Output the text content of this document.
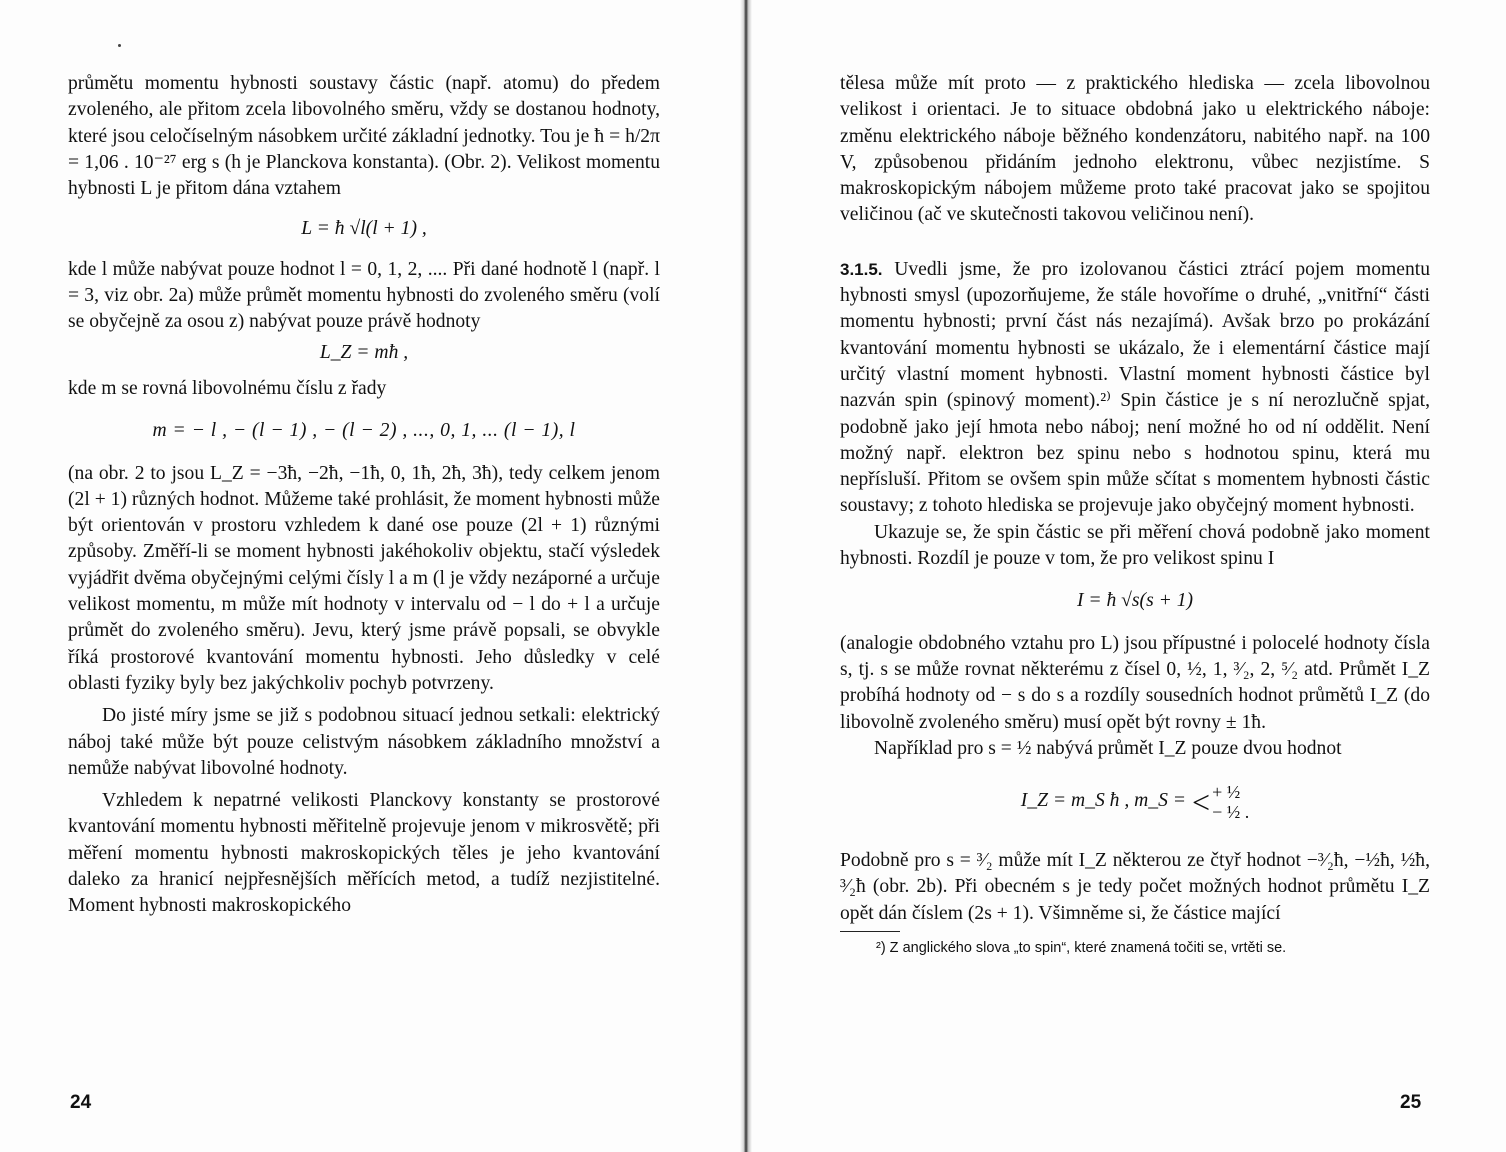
průmětu momentu hybnosti soustavy částic (např. atomu) do předem zvoleného, ale přitom zcela libovolného směru, vždy se dostanou hodnoty, které jsou celočíselným násobkem určité základní jednotky. Tou je ħ = h/2π = 1,06 . 10⁻²⁷ erg s (h je Planckova konstanta). (Obr. 2). Velikost momentu hybnosti L je přitom dána vztahem

L = ħ √l(l + 1) ,

kde l může nabývat pouze hodnot l = 0, 1, 2, .... Při dané hodnotě l (např. l = 3, viz obr. 2a) může průmět momentu hybnosti do zvoleného směru (volí se obyčejně za osou z) nabývat pouze právě hodnoty

L_Z = mħ ,

kde m se rovná libovolnému číslu z řady

m = − l , − (l − 1) , − (l − 2) , ..., 0, 1, ... (l − 1), l

(na obr. 2 to jsou L_Z = −3ħ, −2ħ, −1ħ, 0, 1ħ, 2ħ, 3ħ), tedy celkem jenom (2l + 1) různých hodnot. Můžeme také prohlásit, že moment hybnosti může být orientován v prostoru vzhledem k dané ose pouze (2l + 1) různými způsoby. Změří-li se moment hybnosti jakéhokoliv objektu, stačí výsledek vyjádřit dvěma obyčejnými celými čísly l a m (l je vždy nezáporné a určuje velikost momentu, m může mít hodnoty v intervalu od − l do + l a určuje průmět do zvoleného směru). Jevu, který jsme právě popsali, se obvykle říká prostorové kvantování momentu hybnosti. Jeho důsledky v celé oblasti fyziky byly bez jakýchkoliv pochyb potvrzeny.

Do jisté míry jsme se již s podobnou situací jednou setkali: elektrický náboj také může být pouze celistvým násobkem základního množství a nemůže nabývat libovolné hodnoty.

Vzhledem k nepatrné velikosti Planckovy konstanty se prostorové kvantování momentu hybnosti měřitelně projevuje jenom v mikrosvětě; při měření momentu hybnosti makroskopických těles je jeho kvantování daleko za hranicí nejpřesnějších měřících metod, a tudíž nezjistitelné. Moment hybnosti makroskopického

24

tělesa může mít proto — z praktického hlediska — zcela libovolnou velikost i orientaci. Je to situace obdobná jako u elektrického náboje: změnu elektrického náboje běžného kondenzátoru, nabitého např. na 100 V, způsobenou přidáním jednoho elektronu, vůbec nezjistíme. S makroskopickým nábojem můžeme proto také pracovat jako se spojitou veličinou (ač ve skutečnosti takovou veličinou není).

3.1.5. Uvedli jsme, že pro izolovanou částici ztrácí pojem momentu hybnosti smysl (upozorňujeme, že stále hovoříme o druhé, „vnitřní“ části momentu hybnosti; první část nás nezajímá). Avšak brzo po prokázání kvantování momentu hybnosti se ukázalo, že i elementární částice mají určitý vlastní moment hybnosti. Vlastní moment hybnosti částice byl nazván spin (spinový moment).²⁾ Spin částice je s ní nerozlučně spjat, podobně jako její hmota nebo náboj; není možné ho od ní oddělit. Není možný např. elektron bez spinu nebo s hodnotou spinu, která mu nepřísluší. Přitom se ovšem spin může sčítat s momentem hybnosti částic soustavy; z tohoto hlediska se projevuje jako obyčejný moment hybnosti.

Ukazuje se, že spin částic se při měření chová podobně jako moment hybnosti. Rozdíl je pouze v tom, že pro velikost spinu I

I = ħ √s(s + 1)

(analogie obdobného vztahu pro L) jsou přípustné i polocelé hodnoty čísla s, tj. s se může rovnat některému z čísel 0, ½, 1, ³⁄₂, 2, ⁵⁄₂ atd. Průmět I_Z probíhá hodnoty od − s do s a rozdíly sousedních hodnot průmětů I_Z (do libovolně zvoleného směru) musí opět být rovny ± 1ħ.

Například pro s = ½ nabývá průmět I_Z pouze dvou hodnot

I_Z = m_S ħ , m_S = < + ½
− ½ .

Podobně pro s = ³⁄₂ může mít I_Z některou ze čtyř hodnot −³⁄₂ħ, −½ħ, ½ħ, ³⁄₂ħ (obr. 2b). Při obecném s je tedy počet možných hodnot průmětu I_Z opět dán číslem (2s + 1). Všimněme si, že částice mající

²) Z anglického slova „to spin“, které znamená točiti se, vrtěti se.
25
